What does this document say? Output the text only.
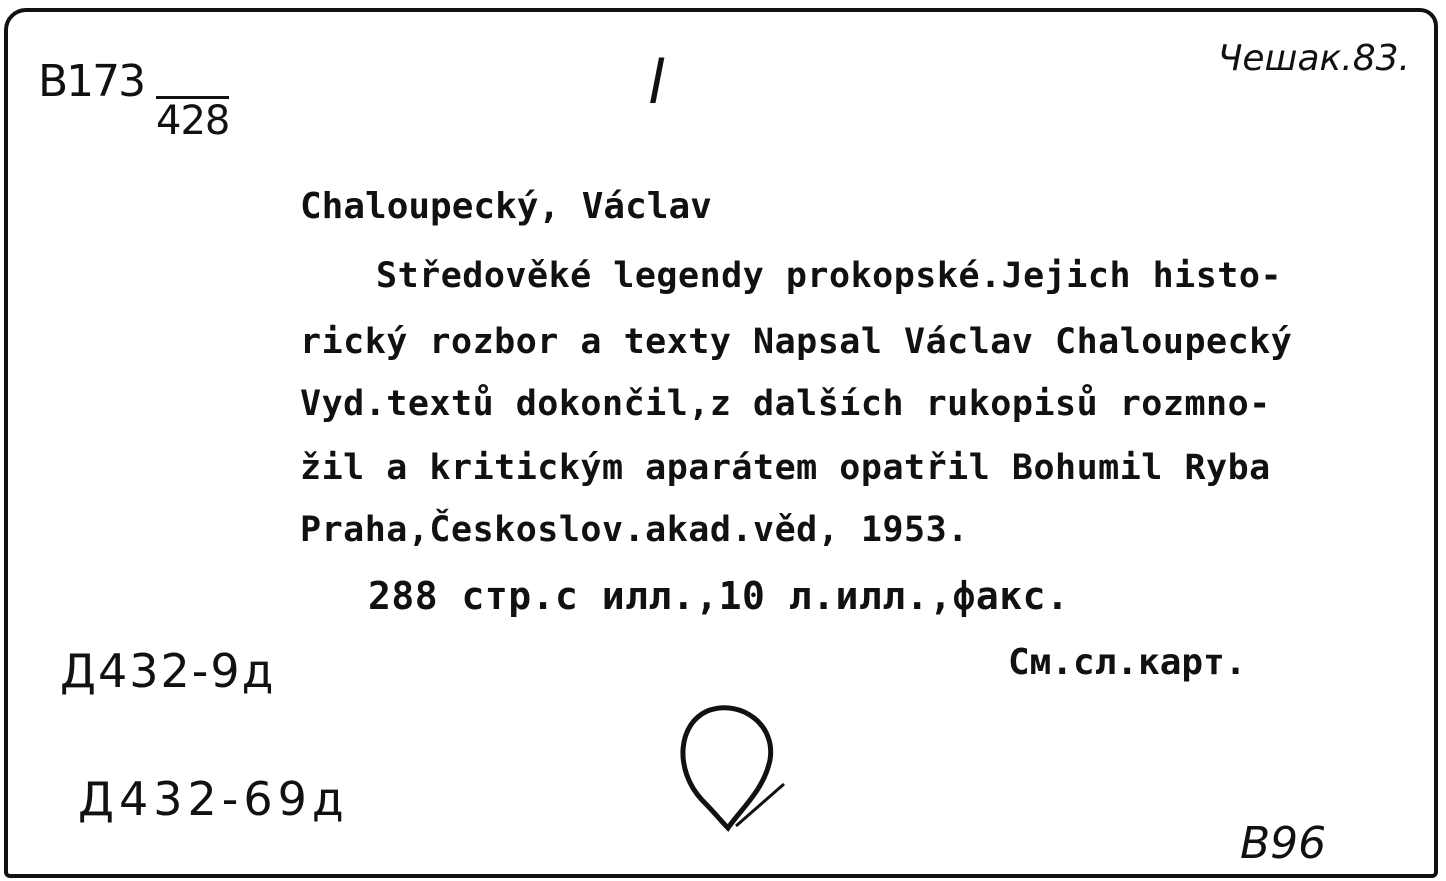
B173
428
l	Чешак.83.
Chaloupecký, Václav
Středověké legendy prokopské.Jejich histo-
rický rozbor a texty Napsal Václav Chaloupecký
Vyd.textů dokončil,z dalších rukopisů rozmno-
žil a kritickým aparátem opatřil Bohumil Ryba
Praha,Českoslov.akad.věd, 1953.
288 стр.с илл.,10 л.илл.,факс.
См.сл.карт.
Д432-9д
Д432-69д
В96
